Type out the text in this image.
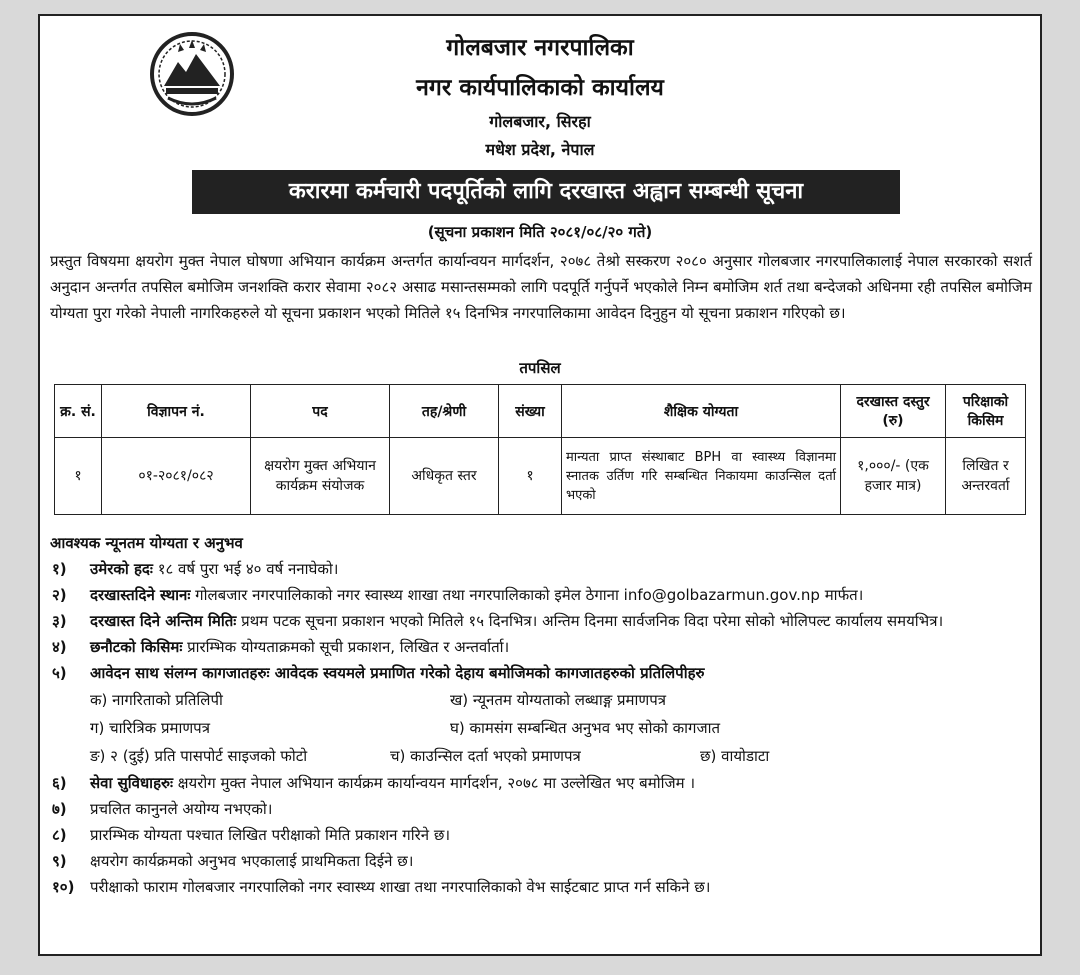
गोलबजार नगरपालिका
नगर कार्यपालिकाको कार्यालय
गोलबजार, सिरहा
मधेश प्रदेश, नेपाल
करारमा कर्मचारी पदपूर्तिको लागि दरखास्त अह्वान सम्बन्धी सूचना
(सूचना प्रकाशन मिति २०८१/०८/२० गते)
प्रस्तुत विषयमा क्षयरोग मुक्त नेपाल घोषणा अभियान कार्यक्रम अन्तर्गत कार्यान्वयन मार्गदर्शन, २०७८ तेश्रो सस्करण २०८० अनुसार गोलबजार नगरपालिकालाई नेपाल सरकारको सशर्त अनुदान अन्तर्गत तपसिल बमोजिम जनशक्ति करार सेवामा २०८२ असाढ मसान्तसम्मको लागि पदपूर्ति गर्नुपर्ने भएकोले निम्न बमोजिम शर्त तथा बन्देजको अधिनमा रही तपसिल बमोजिम योग्यता पुरा गरेको नेपाली नागरिकहरुले यो सूचना प्रकाशन भएको मितिले १५ दिनभित्र नगरपालिकामा आवेदन दिनुहुन यो सूचना प्रकाशन गरिएको छ।
तपसिल
क्र. सं.	विज्ञापन नं.	पद	तह/श्रेणी	संख्या	शैक्षिक योग्यता	दरखास्त दस्तुर (रु)	परिक्षाको किसिम
१	०१-२०८१/०८२	क्षयरोग मुक्त अभियान कार्यक्रम संयोजक	अधिकृत स्तर	१	मान्यता प्राप्त संस्थाबाट BPH वा स्वास्थ्य विज्ञानमा स्नातक उर्तिण गरि सम्बन्धित निकायमा काउन्सिल दर्ता भएको	१,०००/- (एक हजार मात्र)	लिखित र अन्तरवर्ता
आवश्यक न्यूनतम योग्यता र अनुभव
१) उमेरको हदः १८ वर्ष पुरा भई ४० वर्ष ननाघेको।
२) दरखास्तदिने स्थानः गोलबजार नगरपालिकाको नगर स्वास्थ्य शाखा तथा नगरपालिकाको इमेल ठेगाना info@golbazarmun.gov.np मार्फत।
३) दरखास्त दिने अन्तिम मितिः प्रथम पटक सूचना प्रकाशन भएको मितिले १५ दिनभित्र। अन्तिम दिनमा सार्वजनिक विदा परेमा सोको भोलिपल्ट कार्यालय समयभित्र।
४) छनौटको किसिमः प्रारम्भिक योग्यताक्रमको सूची प्रकाशन, लिखित र अन्तर्वार्ता।
५) आवेदन साथ संलग्न कागजातहरुः आवेदक स्वयमले प्रमाणित गरेको देहाय बमोजिमको कागजातहरुको प्रतिलिपीहरु
क) नागरिताको प्रतिलिपी	ख) न्यूनतम योग्यताको लब्धाङ्ग प्रमाणपत्र
ग) चारित्रिक प्रमाणपत्र	घ) कामसंग सम्बन्धित अनुभव भए सोको कागजात
ङ) २ (दुई) प्रति पासपोर्ट साइजको फोटो	च) काउन्सिल दर्ता भएको प्रमाणपत्र	छ) वायोडाटा
६) सेवा सुविधाहरुः क्षयरोग मुक्त नेपाल अभियान कार्यक्रम कार्यान्वयन मार्गदर्शन, २०७८ मा उल्लेखित भए बमोजिम ।
७) प्रचलित कानुनले अयोग्य नभएको।
८) प्रारम्भिक योग्यता पश्चात लिखित परीक्षाको मिति प्रकाशन गरिने छ।
९) क्षयरोग कार्यक्रमको अनुभव भएकालाई प्राथमिकता दिईने छ।
१०) परीक्षाको फाराम गोलबजार नगरपालिको नगर स्वास्थ्य शाखा तथा नगरपालिकाको वेभ साईटबाट प्राप्त गर्न सकिने छ।
